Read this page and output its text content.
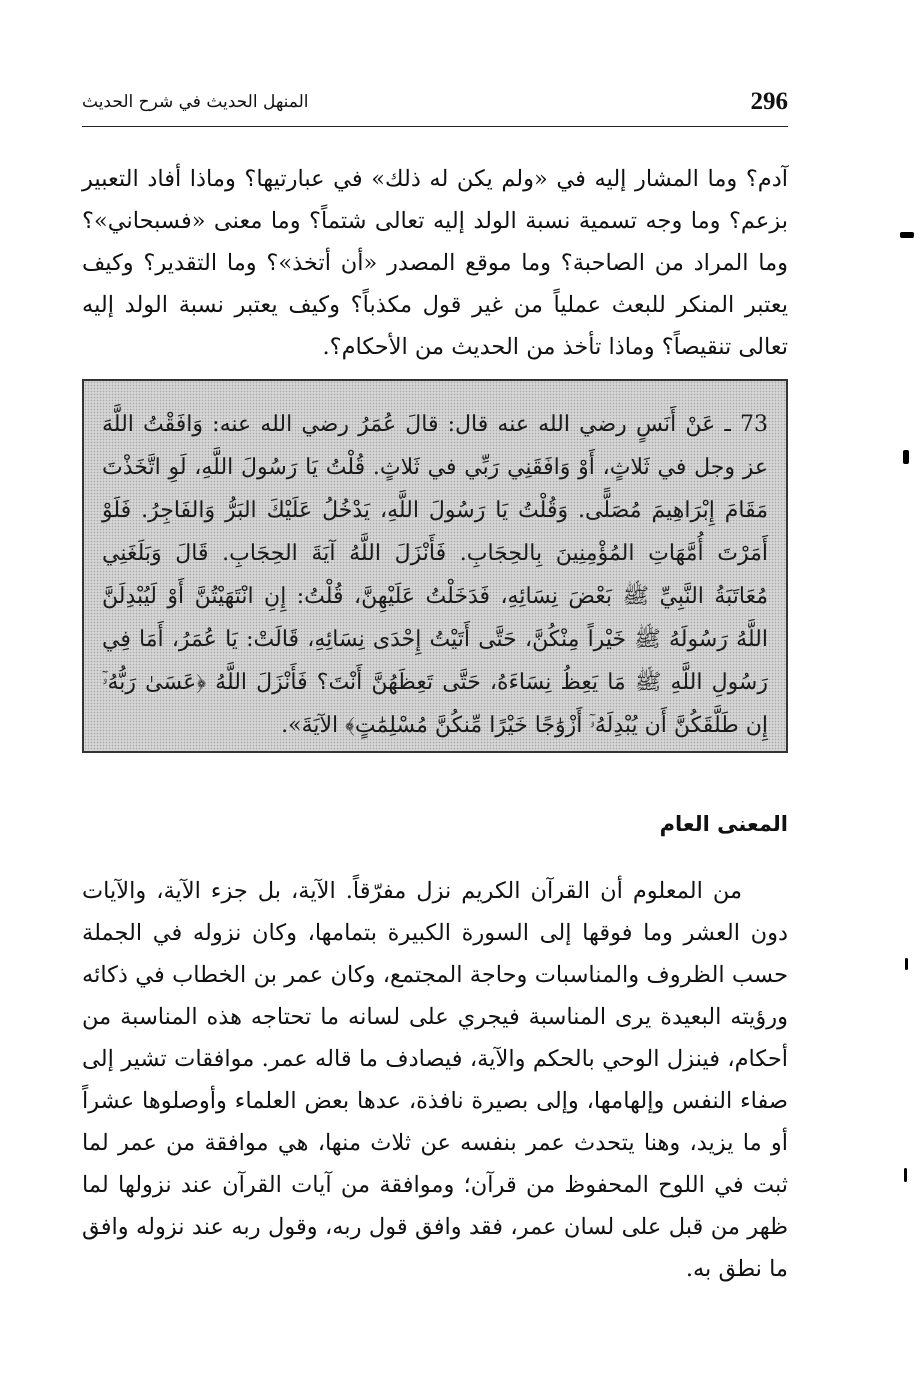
296
المنهل الحديث في شرح الحديث

آدم؟ وما المشار إليه في «ولم يكن له ذلك» في عبارتيها؟ وماذا أفاد التعبير بزعم؟ وما وجه تسمية نسبة الولد إليه تعالى شتماً؟ وما معنى «فسبحاني»؟ وما المراد من الصاحبة؟ وما موقع المصدر «أن أتخذ»؟ وما التقدير؟ وكيف يعتبر المنكر للبعث عملياً من غير قول مكذباً؟ وكيف يعتبر نسبة الولد إليه تعالى تنقيصاً؟ وماذا تأخذ من الحديث من الأحكام؟.

73 ـ عَنْ أَنَسٍ رضي الله عنه قال: قالَ عُمَرُ رضي الله عنه: وَافَقْتُ اللَّهَ عز وجل في ثَلاثٍ، أَوْ وَافَقَنِي رَبِّي في ثَلاثٍ. قُلْتُ يَا رَسُولَ اللَّهِ، لَوِ اتَّخَذْتَ مَقَامَ إِبْرَاهِيمَ مُصَلًّى. وَقُلْتُ يَا رَسُولَ اللَّهِ، يَدْخُلُ عَلَيْكَ البَرُّ وَالفَاجِرُ. فَلَوْ أَمَرْتَ أُمَّهَاتِ المُؤْمِنِينَ بِالحِجَابِ. فَأَنْزَلَ اللَّهُ آيَةَ الحِجَابِ. قَالَ وَبَلَغَنِي مُعَاتَبَةُ النَّبِيِّ ﷺ بَعْضَ نِسَائِهِ، فَدَخَلْتُ عَلَيْهِنَّ، قُلْتُ: إِنِ انْتَهَيْتُنَّ أَوْ لَيُبْدِلَنَّ اللَّهُ رَسُولَهُ ﷺ خَيْراً مِنْكُنَّ، حَتَّى أَتَيْتُ إِحْدَى نِسَائِهِ، قَالَتْ: يَا عُمَرُ، أَمَا فِي رَسُولِ اللَّهِ ﷺ مَا يَعِظُ نِسَاءَهُ، حَتَّى تَعِظَهُنَّ أَنْتَ؟ فَأَنْزَلَ اللَّهُ ﴿عَسَىٰ رَبُّهُۥٓ إِن طَلَّقَكُنَّ أَن يُبْدِلَهُۥٓ أَزْوَٰجًا خَيْرًا مِّنكُنَّ مُسْلِمَٰتٍ﴾ الآيَةَ».

المعنى العام

من المعلوم أن القرآن الكريم نزل مفرّقاً. الآية، بل جزء الآية، والآيات دون العشر وما فوقها إلى السورة الكبيرة بتمامها، وكان نزوله في الجملة حسب الظروف والمناسبات وحاجة المجتمع، وكان عمر بن الخطاب في ذكائه ورؤيته البعيدة يرى المناسبة فيجري على لسانه ما تحتاجه هذه المناسبة من أحكام، فينزل الوحي بالحكم والآية، فيصادف ما قاله عمر. موافقات تشير إلى صفاء النفس وإلهامها، وإلى بصيرة نافذة، عدها بعض العلماء وأوصلوها عشراً أو ما يزيد، وهنا يتحدث عمر بنفسه عن ثلاث منها، هي موافقة من عمر لما ثبت في اللوح المحفوظ من قرآن؛ وموافقة من آيات القرآن عند نزولها لما ظهر من قبل على لسان عمر، فقد وافق قول ربه، وقول ربه عند نزوله وافق ما نطق به.
